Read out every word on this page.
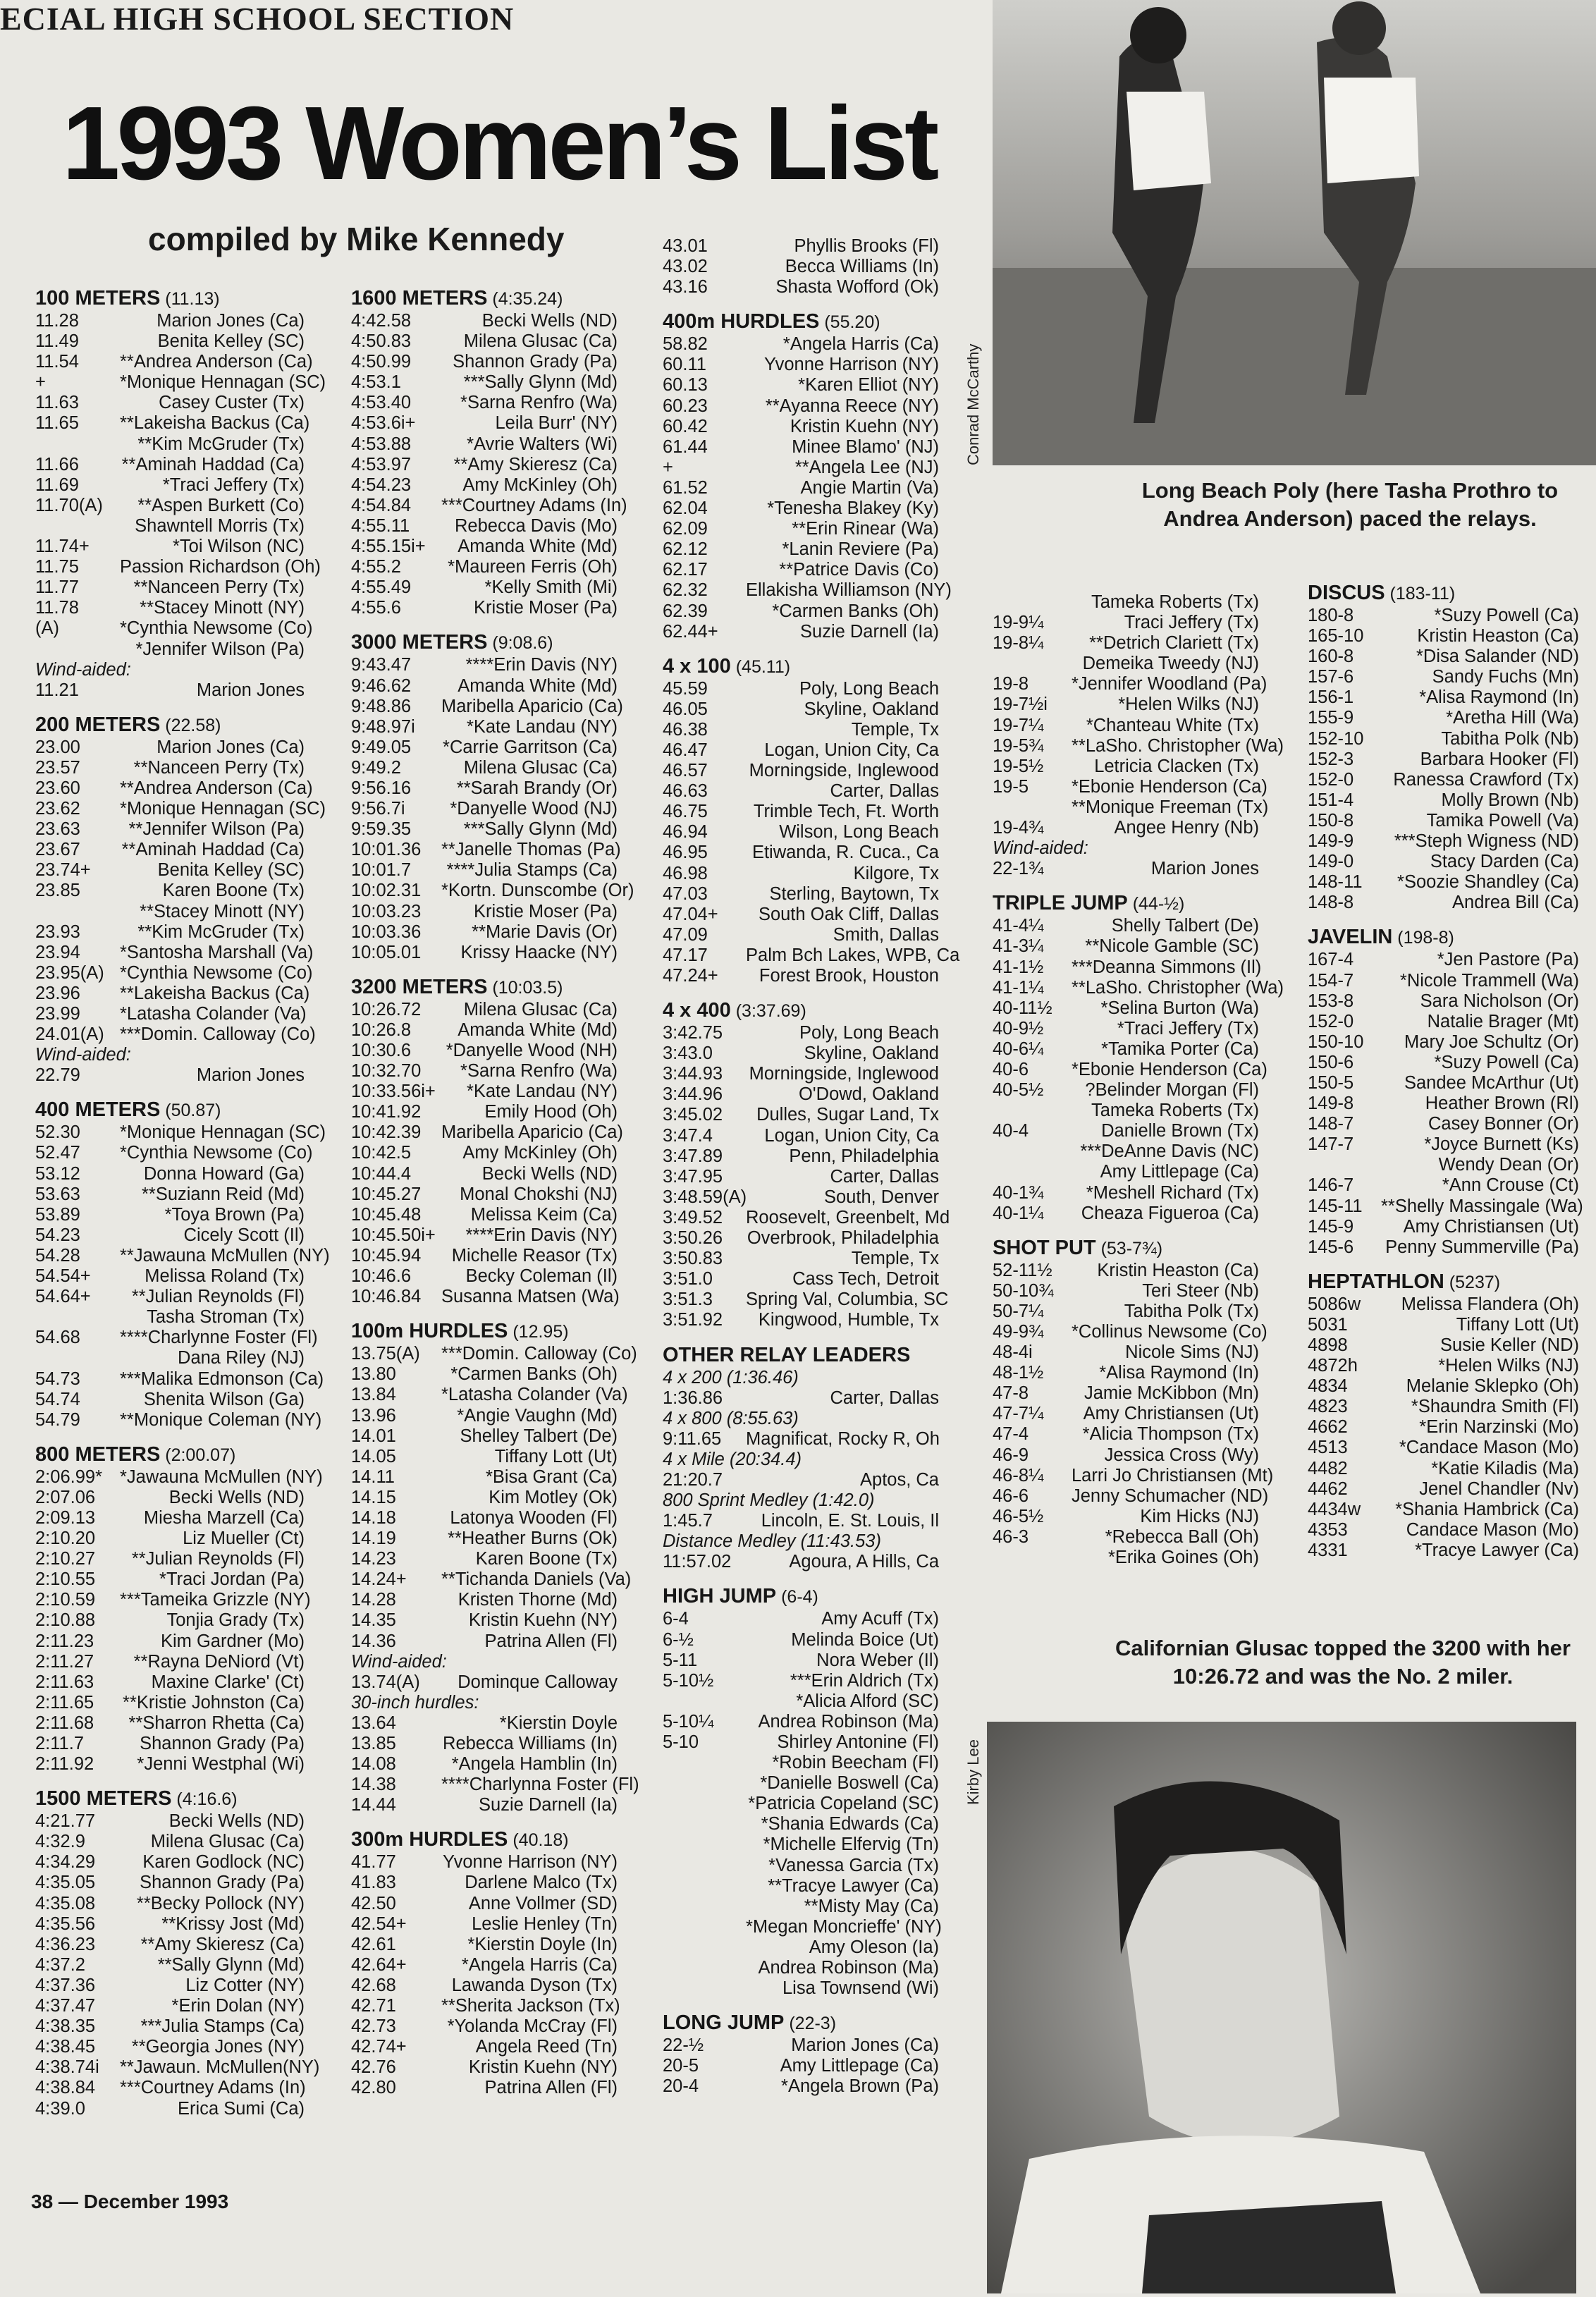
ECIAL HIGH SCHOOL SECTION
1993 Women’s List
compiled by Mike Kennedy
100 METERS (11.13)
11.28	Marion Jones (Ca)
11.49	Benita Kelley (SC)
11.54	**Andrea Anderson (Ca)
+	*Monique Hennagan (SC)
11.63	Casey Custer (Tx)
11.65	**Lakeisha Backus (Ca)
**Kim McGruder (Tx)
11.66	**Aminah Haddad (Ca)
11.69	*Traci Jeffery (Tx)
11.70(A)	**Aspen Burkett (Co)
Shawntell Morris (Tx)
11.74+	*Toi Wilson (NC)
11.75	Passion Richardson (Oh)
11.77	**Nanceen Perry (Tx)
11.78	**Stacey Minott (NY)
(A)	*Cynthia Newsome (Co)
*Jennifer Wilson (Pa)
Wind-aided:
11.21	Marion Jones
200 METERS (22.58)
23.00	Marion Jones (Ca)
23.57	**Nanceen Perry (Tx)
23.60	**Andrea Anderson (Ca)
23.62	*Monique Hennagan (SC)
23.63	**Jennifer Wilson (Pa)
23.67	**Aminah Haddad (Ca)
23.74+	Benita Kelley (SC)
23.85	Karen Boone (Tx)
**Stacey Minott (NY)
23.93	**Kim McGruder (Tx)
23.94	*Santosha Marshall (Va)
23.95(A) *Cynthia Newsome (Co)
23.96	**Lakeisha Backus (Ca)
23.99	*Latasha Colander (Va)
24.01(A) ***Domin. Calloway (Co)
Wind-aided:
22.79	Marion Jones
400 METERS (50.87)
52.30	*Monique Hennagan (SC)
52.47	*Cynthia Newsome (Co)
53.12	Donna Howard (Ga)
53.63	**Suziann Reid (Md)
53.89	*Toya Brown (Pa)
54.23	Cicely Scott (Il)
54.28	**Jawauna McMullen (NY)
54.54+	Melissa Roland (Tx)
54.64+	**Julian Reynolds (Fl)
Tasha Stroman (Tx)
54.68	****Charlynne Foster (Fl)
Dana Riley (NJ)
54.73	***Malika Edmonson (Ca)
54.74	Shenita Wilson (Ga)
54.79	**Monique Coleman (NY)
800 METERS (2:00.07)
2:06.99* *Jawauna McMullen (NY)
2:07.06	Becki Wells (ND)
2:09.13	Miesha Marzell (Ca)
2:10.20	Liz Mueller (Ct)
2:10.27	**Julian Reynolds (Fl)
2:10.55	*Traci Jordan (Pa)
2:10.59	***Tameika Grizzle (NY)
2:10.88	Tonjia Grady (Tx)
2:11.23	Kim Gardner (Mo)
2:11.27	**Rayna DeNiord (Vt)
2:11.63	Maxine Clarke' (Ct)
2:11.65	**Kristie Johnston (Ca)
2:11.68	**Sharron Rhetta (Ca)
2:11.7	Shannon Grady (Pa)
2:11.92	*Jenni Westphal (Wi)
1500 METERS (4:16.6)
4:21.77	Becki Wells (ND)
4:32.9	Milena Glusac (Ca)
4:34.29	Karen Godlock (NC)
4:35.05	Shannon Grady (Pa)
4:35.08	**Becky Pollock (NY)
4:35.56	**Krissy Jost (Md)
4:36.23	**Amy Skieresz (Ca)
4:37.2	**Sally Glynn (Md)
4:37.36	Liz Cotter (NY)
4:37.47	*Erin Dolan (NY)
4:38.35	***Julia Stamps (Ca)
4:38.45	**Georgia Jones (NY)
4:38.74i	**Jawaun. McMullen(NY)
4:38.84	***Courtney Adams (In)
4:39.0	Erica Sumi (Ca)
1600 METERS (4:35.24)
4:42.58	Becki Wells (ND)
4:50.83	Milena Glusac (Ca)
4:50.99	Shannon Grady (Pa)
4:53.1	***Sally Glynn (Md)
4:53.40	*Sarna Renfro (Wa)
4:53.6i+	Leila Burr' (NY)
4:53.88	*Avrie Walters (Wi)
4:53.97	**Amy Skieresz (Ca)
4:54.23	Amy McKinley (Oh)
4:54.84	***Courtney Adams (In)
4:55.11	Rebecca Davis (Mo)
4:55.15i+	Amanda White (Md)
4:55.2	*Maureen Ferris (Oh)
4:55.49	*Kelly Smith (Mi)
4:55.6	Kristie Moser (Pa)
3000 METERS (9:08.6)
9:43.47	****Erin Davis (NY)
9:46.62	Amanda White (Md)
9:48.86	Maribella Aparicio (Ca)
9:48.97i	*Kate Landau (NY)
9:49.05	*Carrie Garritson (Ca)
9:49.2	Milena Glusac (Ca)
9:56.16	**Sarah Brandy (Or)
9:56.7i	*Danyelle Wood (NJ)
9:59.35	***Sally Glynn (Md)
10:01.36	**Janelle Thomas (Pa)
10:01.7	****Julia Stamps (Ca)
10:02.31	*Kortn. Dunscombe (Or)
10:03.23	Kristie Moser (Pa)
10:03.36	**Marie Davis (Or)
10:05.01	Krissy Haacke (NY)
3200 METERS (10:03.5)
10:26.72	Milena Glusac (Ca)
10:26.8	Amanda White (Md)
10:30.6	*Danyelle Wood (NH)
10:32.70	*Sarna Renfro (Wa)
10:33.56i+	*Kate Landau (NY)
10:41.92	Emily Hood (Oh)
10:42.39	Maribella Aparicio (Ca)
10:42.5	Amy McKinley (Oh)
10:44.4	Becki Wells (ND)
10:45.27	Monal Chokshi (NJ)
10:45.48	Melissa Keim (Ca)
10:45.50i+	****Erin Davis (NY)
10:45.94	Michelle Reasor (Tx)
10:46.6	Becky Coleman (Il)
10:46.84	Susanna Matsen (Wa)
100m HURDLES (12.95)
13.75(A)	***Domin. Calloway (Co)
13.80	*Carmen Banks (Oh)
13.84	*Latasha Colander (Va)
13.96	*Angie Vaughn (Md)
14.01	Shelley Talbert (De)
14.05	Tiffany Lott (Ut)
14.11	*Bisa Grant (Ca)
14.15	Kim Motley (Ok)
14.18	Latonya Wooden (Fl)
14.19	**Heather Burns (Ok)
14.23	Karen Boone (Tx)
14.24+	**Tichanda Daniels (Va)
14.28	Kristen Thorne (Md)
14.35	Kristin Kuehn (NY)
14.36	Patrina Allen (Fl)
Wind-aided:
13.74(A)	Dominque Calloway
30-inch hurdles:
13.64	*Kierstin Doyle
13.85	Rebecca Williams (In)
14.08	*Angela Hamblin (In)
14.38	****Charlynna Foster (Fl)
14.44	Suzie Darnell (Ia)
300m HURDLES (40.18)
41.77	Yvonne Harrison (NY)
41.83	Darlene Malco (Tx)
42.50	Anne Vollmer (SD)
42.54+	Leslie Henley (Tn)
42.61	*Kierstin Doyle (In)
42.64+	*Angela Harris (Ca)
42.68	Lawanda Dyson (Tx)
42.71	**Sherita Jackson (Tx)
42.73	*Yolanda McCray (Fl)
42.74+	Angela Reed (Tn)
42.76	Kristin Kuehn (NY)
42.80	Patrina Allen (Fl)
43.01	Phyllis Brooks (Fl)
43.02	Becca Williams (In)
43.16	Shasta Wofford (Ok)
400m HURDLES (55.20)
58.82	*Angela Harris (Ca)
60.11	Yvonne Harrison (NY)
60.13	*Karen Elliot (NY)
60.23	**Ayanna Reece (NY)
60.42	Kristin Kuehn (NY)
61.44	Minee Blamo' (NJ)
+	**Angela Lee (NJ)
61.52	Angie Martin (Va)
62.04	*Tenesha Blakey (Ky)
62.09	**Erin Rinear (Wa)
62.12	*Lanin Reviere (Pa)
62.17	**Patrice Davis (Co)
62.32	Ellakisha Williamson (NY)
62.39	*Carmen Banks (Oh)
62.44+	Suzie Darnell (Ia)
4 x 100 (45.11)
45.59	Poly, Long Beach
46.05	Skyline, Oakland
46.38	Temple, Tx
46.47	Logan, Union City, Ca
46.57	Morningside, Inglewood
46.63	Carter, Dallas
46.75	Trimble Tech, Ft. Worth
46.94	Wilson, Long Beach
46.95	Etiwanda, R. Cuca., Ca
46.98	Kilgore, Tx
47.03	Sterling, Baytown, Tx
47.04+	South Oak Cliff, Dallas
47.09	Smith, Dallas
47.17	Palm Bch Lakes, WPB, Ca
47.24+	Forest Brook, Houston
4 x 400 (3:37.69)
3:42.75	Poly, Long Beach
3:43.0	Skyline, Oakland
3:44.93	Morningside, Inglewood
3:44.96	O'Dowd, Oakland
3:45.02	Dulles, Sugar Land, Tx
3:47.4	Logan, Union City, Ca
3:47.89	Penn, Philadelphia
3:47.95	Carter, Dallas
3:48.59(A)	South, Denver
3:49.52	Roosevelt, Greenbelt, Md
3:50.26	Overbrook, Philadelphia
3:50.83	Temple, Tx
3:51.0	Cass Tech, Detroit
3:51.3	Spring Val, Columbia, SC
3:51.92	Kingwood, Humble, Tx
OTHER RELAY LEADERS
4 x 200 (1:36.46)
1:36.86	Carter, Dallas
4 x 800 (8:55.63)
9:11.65	Magnificat, Rocky R, Oh
4 x Mile (20:34.4)
21:20.7	Aptos, Ca
800 Sprint Medley (1:42.0)
1:45.7	Lincoln, E. St. Louis, Il
Distance Medley (11:43.53)
11:57.02	Agoura, A Hills, Ca
HIGH JUMP (6-4)
6-4	Amy Acuff (Tx)
6-½	Melinda Boice (Ut)
5-11	Nora Weber (Il)
5-10½	***Erin Aldrich (Tx)
*Alicia Alford (SC)
5-10¼	Andrea Robinson (Ma)
5-10	Shirley Antonine (Fl)
*Robin Beecham (Fl)
*Danielle Boswell (Ca)
*Patricia Copeland (SC)
*Shania Edwards (Ca)
*Michelle Elfervig (Tn)
*Vanessa Garcia (Tx)
**Tracye Lawyer (Ca)
**Misty May (Ca)
*Megan Moncrieffe' (NY)
Amy Oleson (Ia)
Andrea Robinson (Ma)
Lisa Townsend (Wi)
LONG JUMP (22-3)
22-½	Marion Jones (Ca)
20-5	Amy Littlepage (Ca)
20-4	*Angela Brown (Pa)
Tameka Roberts (Tx)
19-9¼	Traci Jeffery (Tx)
19-8¼	**Detrich Clariett (Tx)
Demeika Tweedy (NJ)
19-8	*Jennifer Woodland (Pa)
19-7½i	*Helen Wilks (NJ)
19-7¼	*Chanteau White (Tx)
19-5¾	**LaSho. Christopher (Wa)
19-5½	Letricia Clacken (Tx)
19-5	*Ebonie Henderson (Ca)
**Monique Freeman (Tx)
19-4¾	Angee Henry (Nb)
Wind-aided:
22-1¾	Marion Jones
TRIPLE JUMP (44-½)
41-4¼	Shelly Talbert (De)
41-3¼	**Nicole Gamble (SC)
41-1½	***Deanna Simmons (Il)
41-1¼	**LaSho. Christopher (Wa)
40-11½	*Selina Burton (Wa)
40-9½	*Traci Jeffery (Tx)
40-6¼	*Tamika Porter (Ca)
40-6	*Ebonie Henderson (Ca)
40-5½	?Belinder Morgan (Fl)
Tameka Roberts (Tx)
40-4	Danielle Brown (Tx)
***DeAnne Davis (NC)
Amy Littlepage (Ca)
40-1¾	*Meshell Richard (Tx)
40-1¼	Cheaza Figueroa (Ca)
SHOT PUT (53-7¾)
52-11½	Kristin Heaston (Ca)
50-10¾	Teri Steer (Nb)
50-7¼	Tabitha Polk (Tx)
49-9¾	*Collinus Newsome (Co)
48-4i	Nicole Sims (NJ)
48-1½	*Alisa Raymond (In)
47-8	Jamie McKibbon (Mn)
47-7¼	Amy Christiansen (Ut)
47-4	*Alicia Thompson (Tx)
46-9	Jessica Cross (Wy)
46-8¼	Larri Jo Christiansen (Mt)
46-6	Jenny Schumacher (ND)
46-5½	Kim Hicks (NJ)
46-3	*Rebecca Ball (Oh)
*Erika Goines (Oh)
DISCUS (183-11)
180-8	*Suzy Powell (Ca)
165-10	Kristin Heaston (Ca)
160-8	*Disa Salander (ND)
157-6	Sandy Fuchs (Mn)
156-1	*Alisa Raymond (In)
155-9	*Aretha Hill (Wa)
152-10	Tabitha Polk (Nb)
152-3	Barbara Hooker (Fl)
152-0	Ranessa Crawford (Tx)
151-4	Molly Brown (Nb)
150-8	Tamika Powell (Va)
149-9	***Steph Wigness (ND)
149-0	Stacy Darden (Ca)
148-11	*Soozie Shandley (Ca)
148-8	Andrea Bill (Ca)
JAVELIN (198-8)
167-4	*Jen Pastore (Pa)
154-7	*Nicole Trammell (Wa)
153-8	Sara Nicholson (Or)
152-0	Natalie Brager (Mt)
150-10	Mary Joe Schultz (Or)
150-6	*Suzy Powell (Ca)
150-5	Sandee McArthur (Ut)
149-8	Heather Brown (Rl)
148-7	Casey Bonner (Or)
147-7	*Joyce Burnett (Ks)
Wendy Dean (Or)
146-7	*Ann Crouse (Ct)
145-11	**Shelly Massingale (Wa)
145-9	Amy Christiansen (Ut)
145-6	Penny Summerville (Pa)
HEPTATHLON (5237)
5086w	Melissa Flandera (Oh)
5031	Tiffany Lott (Ut)
4898	Susie Keller (ND)
4872h	*Helen Wilks (NJ)
4834	Melanie Sklepko (Oh)
4823	*Shaundra Smith (Fl)
4662	*Erin Narzinski (Mo)
4513	*Candace Mason (Mo)
4482	*Katie Kiladis (Ma)
4462	Jenel Chandler (Nv)
4434w	*Shania Hambrick (Ca)
4353	Candace Mason (Mo)
4331	*Tracye Lawyer (Ca)
Conrad McCarthy
Long Beach Poly (here Tasha Prothro to Andrea Anderson) paced the relays.
Californian Glusac topped the 3200 with her 10:26.72 and was the No. 2 miler.
Kirby Lee
38 — December 1993
